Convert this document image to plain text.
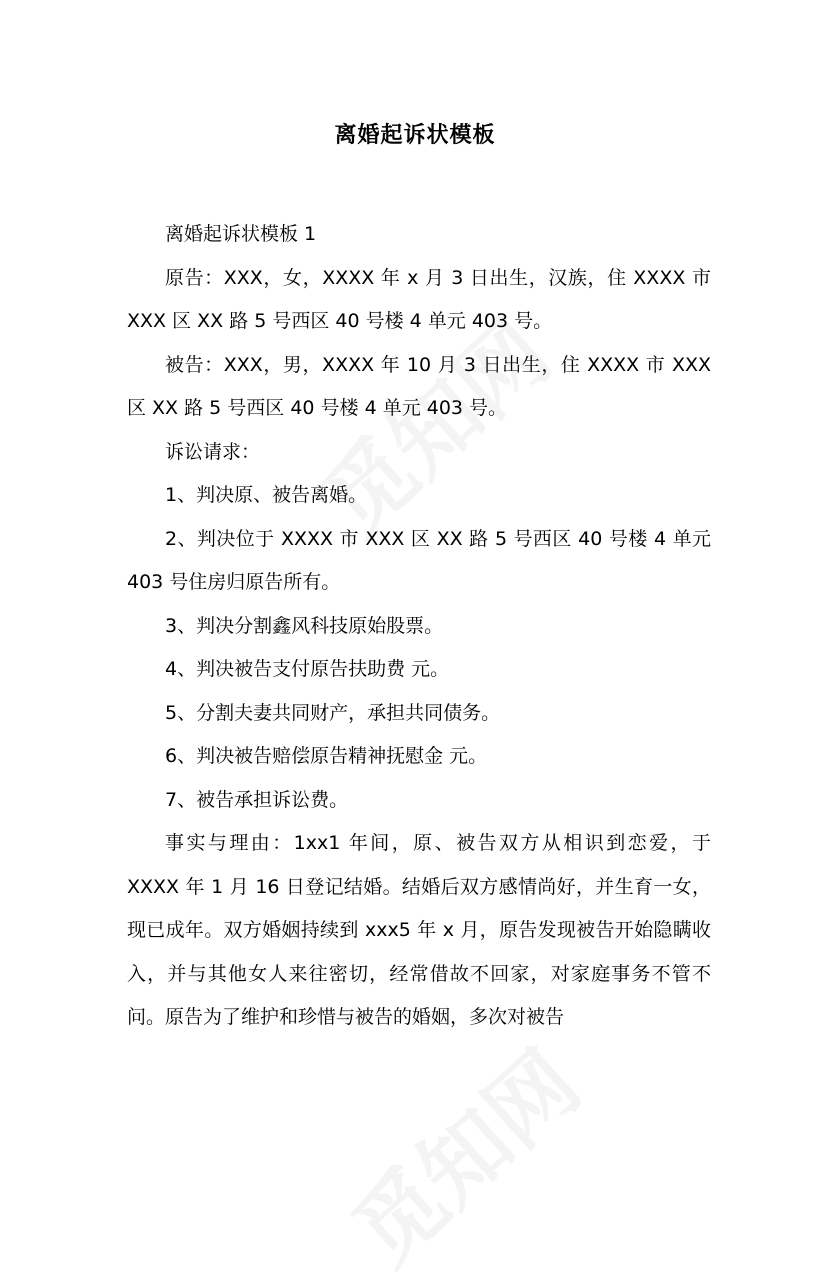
离婚起诉状模板

离婚起诉状模板 1

原告：XXX，女，XXXX 年 x 月 3 日出生，汉族，住 XXXX 市 XXX 区 XX 路 5 号西区 40 号楼 4 单元 403 号。

被告：XXX，男，XXXX 年 10 月 3 日出生，住 XXXX 市 XXX 区 XX 路 5 号西区 40 号楼 4 单元 403 号。

诉讼请求：

1、判决原、被告离婚。

2、判决位于 XXXX 市 XXX 区 XX 路 5 号西区 40 号楼 4 单元 403 号住房归原告所有。

3、判决分割鑫风科技原始股票。

4、判决被告支付原告扶助费 元。

5、分割夫妻共同财产，承担共同债务。

6、判决被告赔偿原告精神抚慰金 元。

7、被告承担诉讼费。

事实与理由：1xx1 年间，原、被告双方从相识到恋爱，于 XXXX 年 1 月 16 日登记结婚。结婚后双方感情尚好，并生育一女，现已成年。双方婚姻持续到 xxx5 年 x 月，原告发现被告开始隐瞒收入，并与其他女人来往密切，经常借故不回家，对家庭事务不管不问。原告为了维护和珍惜与被告的婚姻，多次对被告
